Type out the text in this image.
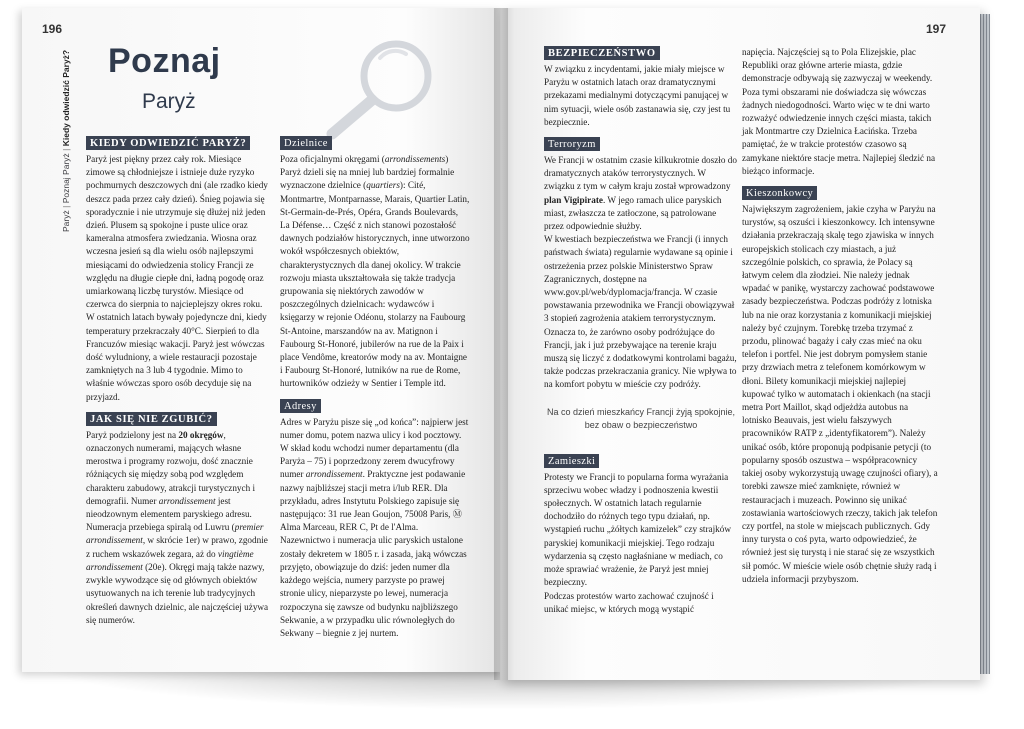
196
Paryż | Poznaj Paryż | Kiedy odwiedzić Paryż? Poznaj
Paryż
KIEDY ODWIEDZIĆ PARYŻ?

Paryż jest piękny przez cały rok. Miesiące zimowe są chłodniejsze i istnieje duże ryzyko pochmurnych deszczowych dni (ale rzadko kiedy deszcz pada przez cały dzień). Śnieg pojawia się sporadycznie i nie utrzymuje się dłużej niż jeden dzień. Plusem są spokojne i puste ulice oraz kameralna atmosfera zwiedzania. Wiosna oraz wczesna jesień są dla wielu osób najlepszymi miesiącami do odwiedzenia stolicy Francji ze względu na długie ciepłe dni, ładną pogodę oraz umiarkowaną liczbę turystów. Miesiące od czerwca do sierpnia to najcieplejszy okres roku. W ostatnich latach bywały pojedyncze dni, kiedy temperatury przekraczały 40°C. Sierpień to dla Francuzów miesiąc wakacji. Paryż jest wówczas dość wyludniony, a wiele restauracji pozostaje zamkniętych na 3 lub 4 tygodnie. Mimo to właśnie wówczas sporo osób decyduje się na przyjazd.

JAK SIĘ NIE ZGUBIĆ?

Paryż podzielony jest na 20 okręgów, oznaczonych numerami, mających własne merostwa i programy rozwoju, dość znacznie różniących się między sobą pod względem charakteru zabudowy, atrakcji turystycznych i demografii. Numer arrondissement jest nieodzownym elementem paryskiego adresu. Numeracja przebiega spiralą od Luwru (premier arrondissement, w skrócie 1er) w prawo, zgodnie z ruchem wskazówek zegara, aż do vingtième arrondissement (20e). Okręgi mają także nazwy, zwykle wywodzące się od głównych obiektów usytuowanych na ich terenie lub tradycyjnych określeń dawnych dzielnic, ale najczęściej używa się numerów.

Dzielnice

Poza oficjalnymi okręgami (arrondissements) Paryż dzieli się na mniej lub bardziej formalnie wyznaczone dzielnice (quartiers): Cité, Montmartre, Montparnasse, Marais, Quartier Latin, St-Germain-de-Prés, Opéra, Grands Boulevards, La Défense… Część z nich stanowi pozostałość dawnych podziałów historycznych, inne utworzono wokół współczesnych obiektów, charakterystycznych dla danej okolicy. W trakcie rozwoju miasta ukształtowała się także tradycja grupowania się niektórych zawodów w poszczególnych dzielnicach: wydawców i księgarzy w rejonie Odéonu, stolarzy na Faubourg St-Antoine, marszandów na av. Matignon i Faubourg St-Honoré, jubilerów na rue de la Paix i place Vendôme, kreatorów mody na av. Montaigne i Faubourg St-Honoré, lutników na rue de Rome, hurtowników odzieży w Sentier i Temple itd.

Adresy

Adres w Paryżu pisze się „od końca”: najpierw jest numer domu, potem nazwa ulicy i kod pocztowy. W skład kodu wchodzi numer departamentu (dla Paryża – 75) i poprzedzony zerem dwucyfrowy numer arrondissement. Praktyczne jest podawanie nazwy najbliższej stacji metra i/lub RER. Dla przykładu, adres Instytutu Polskiego zapisuje się następująco: 31 rue Jean Goujon, 75008 Paris, Ⓜ Alma Marceau, RER C, Pt de l'Alma. Nazewnictwo i numeracja ulic paryskich ustalone zostały dekretem w 1805 r. i zasada, jaką wówczas przyjęto, obowiązuje do dziś: jeden numer dla każdego wejścia, numery parzyste po prawej stronie ulicy, nieparzyste po lewej, numeracja rozpoczyna się zawsze od budynku najbliższego Sekwanie, a w przypadku ulic równoległych do Sekwany – biegnie z jej nurtem.

197
BEZPIECZEŃSTWO

W związku z incydentami, jakie miały miejsce w Paryżu w ostatnich latach oraz dramatycznymi przekazami medialnymi dotyczącymi panującej w nim sytuacji, wiele osób zastanawia się, czy jest tu bezpiecznie.

Terroryzm

We Francji w ostatnim czasie kilkukrotnie doszło do dramatycznych ataków terrorystycznych. W związku z tym w całym kraju został wprowadzony plan Vigipirate. W jego ramach ulice paryskich miast, zwłaszcza te zatłoczone, są patrolowane przez odpowiednie służby.

W kwestiach bezpieczeństwa we Francji (i innych państwach świata) regularnie wydawane są opinie i ostrzeżenia przez polskie Ministerstwo Spraw Zagranicznych, dostępne na www.gov.pl/web/dyplomacja/francja. W czasie powstawania przewodnika we Francji obowiązywał 3 stopień zagrożenia atakiem terrorystycznym. Oznacza to, że zarówno osoby podróżujące do Francji, jak i już przebywające na terenie kraju muszą się liczyć z dodatkowymi kontrolami bagażu, także podczas przekraczania granicy. Nie wpływa to na komfort pobytu w mieście czy podróży.

Na co dzień mieszkańcy Francji żyją spokojnie, bez obaw o bezpieczeństwo
Zamieszki

Protesty we Francji to popularna forma wyrażania sprzeciwu wobec władzy i podnoszenia kwestii społecznych. W ostatnich latach regularnie dochodziło do różnych tego typu działań, np. wystąpień ruchu „żółtych kamizelek” czy strajków paryskiej komunikacji miejskiej. Tego rodzaju wydarzenia są często nagłaśniane w mediach, co może sprawiać wrażenie, że Paryż jest mniej bezpieczny.

Podczas protestów warto zachować czujność i unikać miejsc, w których mogą wystąpić

napięcia. Najczęściej są to Pola Elizejskie, plac Republiki oraz główne arterie miasta, gdzie demonstracje odbywają się zazwyczaj w weekendy. Poza tymi obszarami nie doświadcza się wówczas żadnych niedogodności. Warto więc w te dni warto rozważyć odwiedzenie innych części miasta, takich jak Montmartre czy Dzielnica Łacińska. Trzeba pamiętać, że w trakcie protestów czasowo są zamykane niektóre stacje metra. Najlepiej śledzić na bieżąco informacje.

Kieszonkowcy

Największym zagrożeniem, jakie czyha w Paryżu na turystów, są oszuści i kieszonkowcy. Ich intensywne działania przekraczają skalę tego zjawiska w innych europejskich stolicach czy miastach, a już szczególnie polskich, co sprawia, że Polacy są łatwym celem dla złodziei. Nie należy jednak wpadać w panikę, wystarczy zachować podstawowe zasady bezpieczeństwa. Podczas podróży z lotniska lub na nie oraz korzystania z komunikacji miejskiej należy być czujnym. Torebkę trzeba trzymać z przodu, plinować bagaży i cały czas mieć na oku telefon i portfel. Nie jest dobrym pomysłem stanie przy drzwiach metra z telefonem komórkowym w dłoni. Bilety komunikacji miejskiej najlepiej kupować tylko w automatach i okienkach (na stacji metra Port Maillot, skąd odjeżdża autobus na lotnisko Beauvais, jest wielu fałszywych pracowników RATP z „identyfikatorem”). Należy unikać osób, które proponują podpisanie petycji (to popularny sposób oszustwa – współpracownicy takiej osoby wykorzystują uwagę czujności ofiary), a torebki zawsze mieć zamknięte, również w restauracjach i muzeach. Powinno się unikać zostawiania wartościowych rzeczy, takich jak telefon czy portfel, na stole w miejscach publicznych. Gdy inny turysta o coś pyta, warto odpowiedzieć, że również jest się turystą i nie starać się ze wszystkich sił pomóc. W mieście wiele osób chętnie służy radą i udziela informacji przybyszom.
